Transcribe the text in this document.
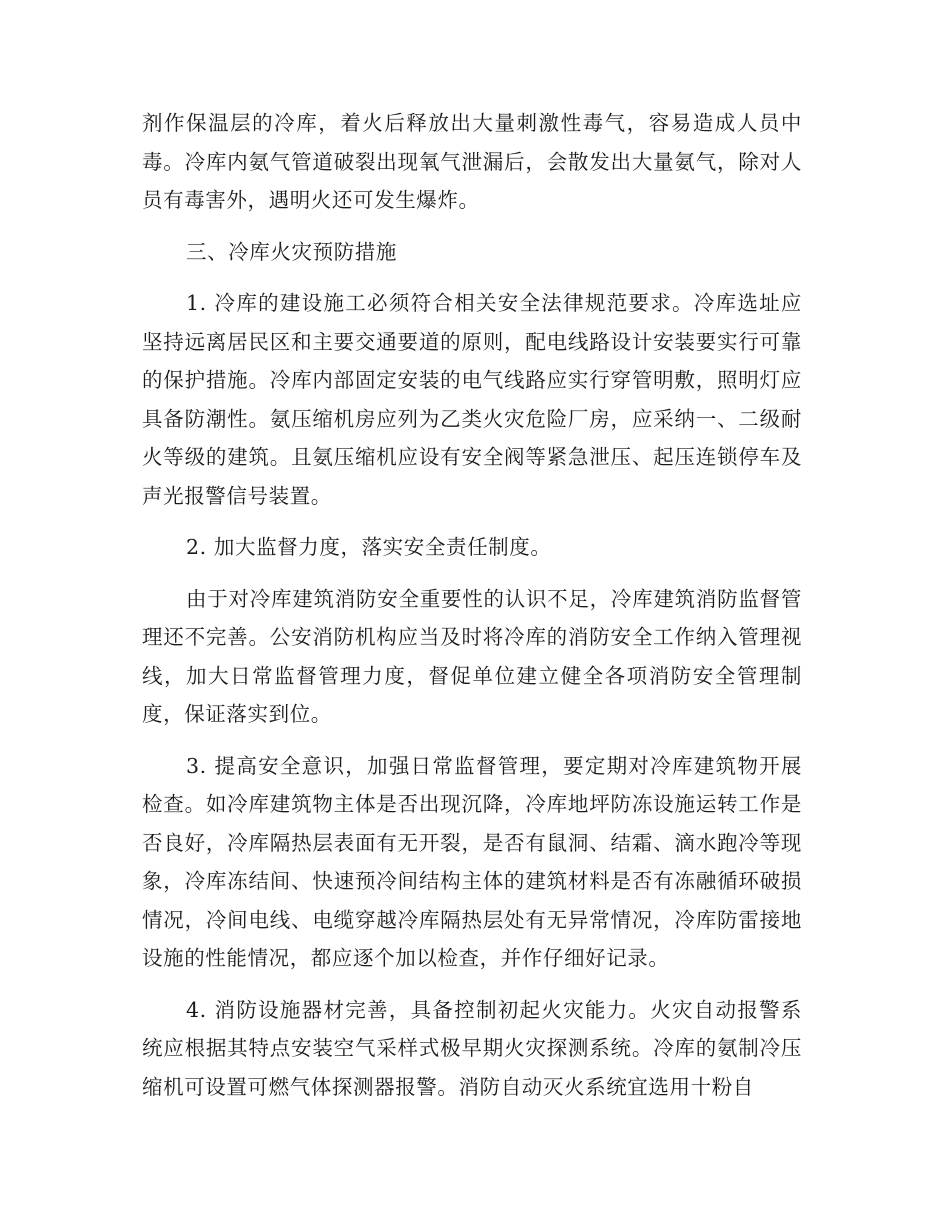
剂作保温层的冷库，着火后释放出大量刺激性毒气，容易造成人员中毒。冷库内氨气管道破裂出现氧气泄漏后，会散发出大量氨气，除对人员有毒害外，遇明火还可发生爆炸。

三、冷库火灾预防措施

1. 冷库的建设施工必须符合相关安全法律规范要求。冷库选址应坚持远离居民区和主要交通要道的原则，配电线路设计安装要实行可靠的保护措施。冷库内部固定安装的电气线路应实行穿管明敷，照明灯应具备防潮性。氨压缩机房应列为乙类火灾危险厂房，应采纳一、二级耐火等级的建筑。且氨压缩机应设有安全阀等紧急泄压、起压连锁停车及声光报警信号装置。

2. 加大监督力度，落实安全责任制度。

由于对冷库建筑消防安全重要性的认识不足，冷库建筑消防监督管理还不完善。公安消防机构应当及时将冷库的消防安全工作纳入管理视线，加大日常监督管理力度，督促单位建立健全各项消防安全管理制度，保证落实到位。

3. 提高安全意识，加强日常监督管理，要定期对冷库建筑物开展检查。如冷库建筑物主体是否出现沉降，冷库地坪防冻设施运转工作是否良好，冷库隔热层表面有无开裂，是否有鼠洞、结霜、滴水跑冷等现象，冷库冻结间、快速预冷间结构主体的建筑材料是否有冻融循环破损情况，冷间电线、电缆穿越冷库隔热层处有无异常情况，冷库防雷接地设施的性能情况，都应逐个加以检查，并作仔细好记录。

4. 消防设施器材完善，具备控制初起火灾能力。火灾自动报警系统应根据其特点安装空气采样式极早期火灾探测系统。冷库的氨制冷压缩机可设置可燃气体探测器报警。消防自动灭火系统宜选用十粉自
